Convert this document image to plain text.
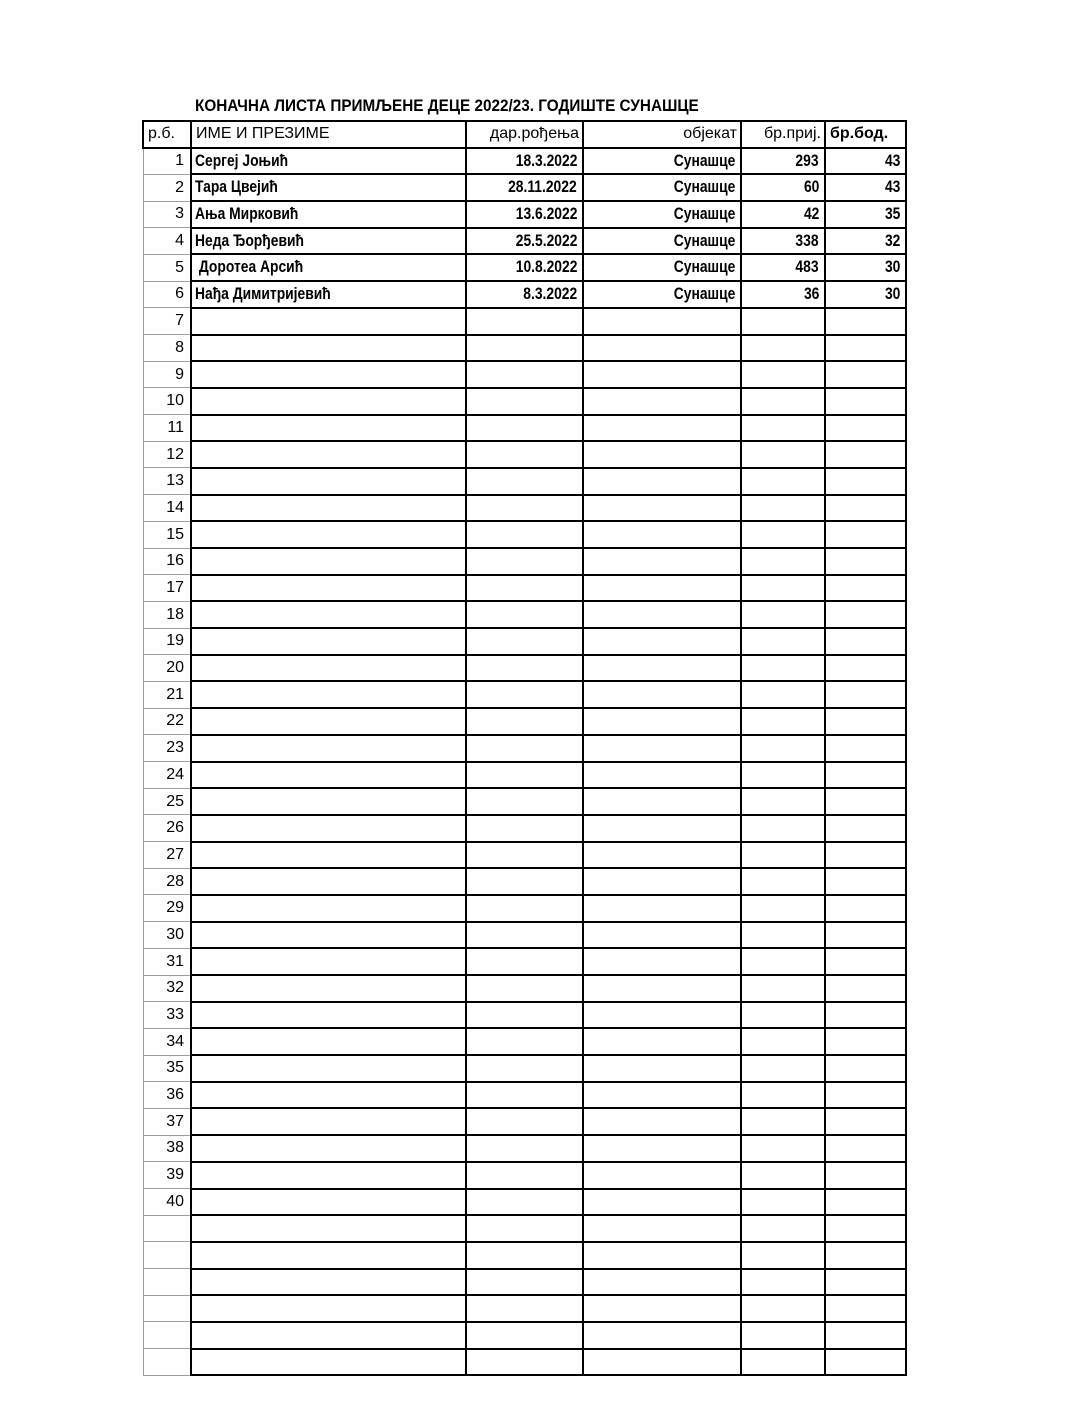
КОНАЧНА ЛИСТА ПРИМЉЕНЕ ДЕЦЕ 2022/23. ГОДИШТЕ СУНАШЦЕ
р.б.	ИМЕ И ПРЕЗИМЕ	дар.рођења	објекат	бр.приј.	бр.бод.
1	Сергеј Јоњић	18.3.2022	Сунашце	293	43
2	Тара Цвејић	28.11.2022	Сунашце	60	43
3	Ања Мирковић	13.6.2022	Сунашце	42	35
4	Неда Ђорђевић	25.5.2022	Сунашце	338	32
5	Доротеа Арсић	10.8.2022	Сунашце	483	30
6	Нађа Димитријевић	8.3.2022	Сунашце	36	30
7					
8					
9					
10					
11					
12					
13					
14					
15					
16					
17					
18					
19					
20					
21					
22					
23					
24					
25					
26					
27					
28					
29					
30					
31					
32					
33					
34					
35					
36					
37					
38					
39					
40					
